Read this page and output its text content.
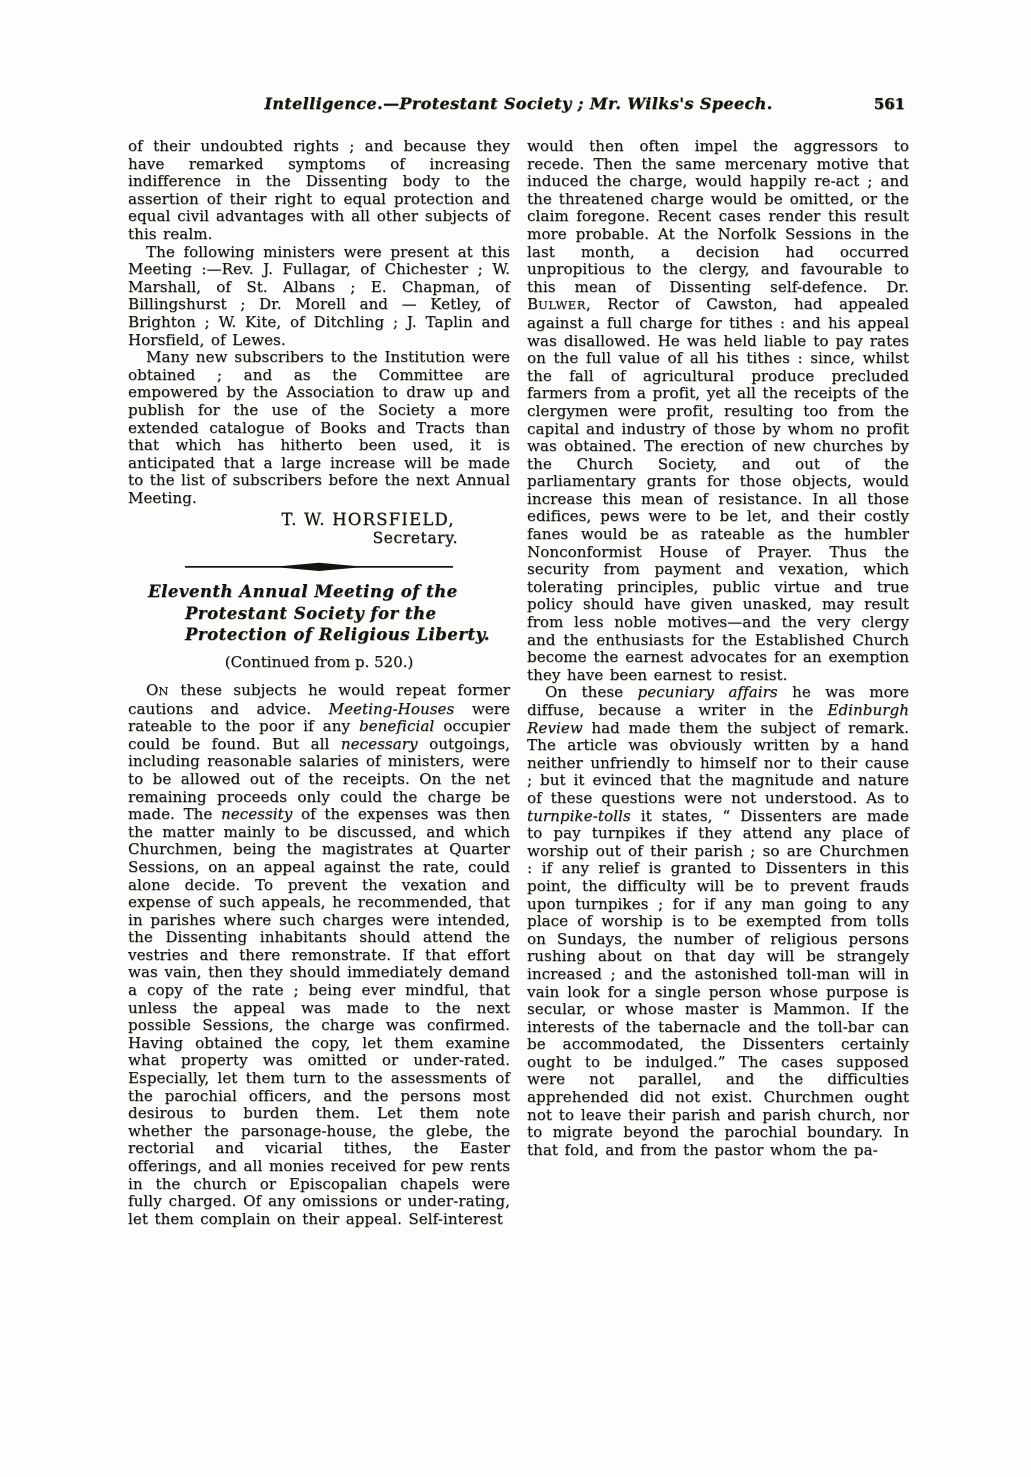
Intelligence.—Protestant Society ; Mr. Wilks's Speech.	561

of their undoubted rights ; and because they have remarked symptoms of increasing indifference in the Dissenting body to the assertion of their right to equal protection and equal civil advantages with all other subjects of this realm.

The following ministers were present at this Meeting :—Rev. J. Fullagar, of Chichester ; W. Marshall, of St. Albans ; E. Chapman, of Billingshurst ; Dr. Morell and — Ketley, of Brighton ; W. Kite, of Ditchling ; J. Taplin and Horsfield, of Lewes.

Many new subscribers to the Institution were obtained ; and as the Committee are empowered by the Association to draw up and publish for the use of the Society a more extended catalogue of Books and Tracts than that which has hitherto been used, it is anticipated that a large increase will be made to the list of subscribers before the next Annual Meeting.

T. W. HORSFIELD,
Secretary.
Eleventh Annual Meeting of the Protestant Society for the Protection of Religious Liberty.
(Continued from p. 520.)

ON these subjects he would repeat former cautions and advice. Meeting-Houses were rateable to the poor if any beneficial occupier could be found. But all necessary outgoings, including reasonable salaries of ministers, were to be allowed out of the receipts. On the net remaining proceeds only could the charge be made. The necessity of the expenses was then the matter mainly to be discussed, and which Churchmen, being the magistrates at Quarter Sessions, on an appeal against the rate, could alone decide. To prevent the vexation and expense of such appeals, he recommended, that in parishes where such charges were intended, the Dissenting inhabitants should attend the vestries and there remonstrate. If that effort was vain, then they should immediately demand a copy of the rate ; being ever mindful, that unless the appeal was made to the next possible Sessions, the charge was confirmed. Having obtained the copy, let them examine what property was omitted or under-rated. Especially, let them turn to the assessments of the parochial officers, and the persons most desirous to burden them. Let them note whether the parsonage-house, the glebe, the rectorial and vicarial tithes, the Easter offerings, and all monies received for pew rents in the church or Episcopalian chapels were fully charged. Of any omissions or under-rating, let them complain on their appeal. Self-interest

would then often impel the aggressors to recede. Then the same mercenary motive that induced the charge, would happily re-act ; and the threatened charge would be omitted, or the claim foregone. Recent cases render this result more probable. At the Norfolk Sessions in the last month, a decision had occurred unpropitious to the clergy, and favourable to this mean of Dissenting self-defence. Dr. BULWER, Rector of Cawston, had appealed against a full charge for tithes : and his appeal was disallowed. He was held liable to pay rates on the full value of all his tithes : since, whilst the fall of agricultural produce precluded farmers from a profit, yet all the receipts of the clergymen were profit, resulting too from the capital and industry of those by whom no profit was obtained. The erection of new churches by the Church Society, and out of the parliamentary grants for those objects, would increase this mean of resistance. In all those edifices, pews were to be let, and their costly fanes would be as rateable as the humbler Nonconformist House of Prayer. Thus the security from payment and vexation, which tolerating principles, public virtue and true policy should have given unasked, may result from less noble motives—and the very clergy and the enthusiasts for the Established Church become the earnest advocates for an exemption they have been earnest to resist.

On these pecuniary affairs he was more diffuse, because a writer in the Edinburgh Review had made them the subject of remark. The article was obviously written by a hand neither unfriendly to himself nor to their cause ; but it evinced that the magnitude and nature of these questions were not understood. As to turnpike-tolls it states, “ Dissenters are made to pay turnpikes if they attend any place of worship out of their parish ; so are Churchmen : if any relief is granted to Dissenters in this point, the difficulty will be to prevent frauds upon turnpikes ; for if any man going to any place of worship is to be exempted from tolls on Sundays, the number of religious persons rushing about on that day will be strangely increased ; and the astonished toll-man will in vain look for a single person whose purpose is secular, or whose master is Mammon. If the interests of the tabernacle and the toll-bar can be accommodated, the Dissenters certainly ought to be indulged.” The cases supposed were not parallel, and the difficulties apprehended did not exist. Churchmen ought not to leave their parish and parish church, nor to migrate beyond the parochial boundary. In that fold, and from the pastor whom the pa-
